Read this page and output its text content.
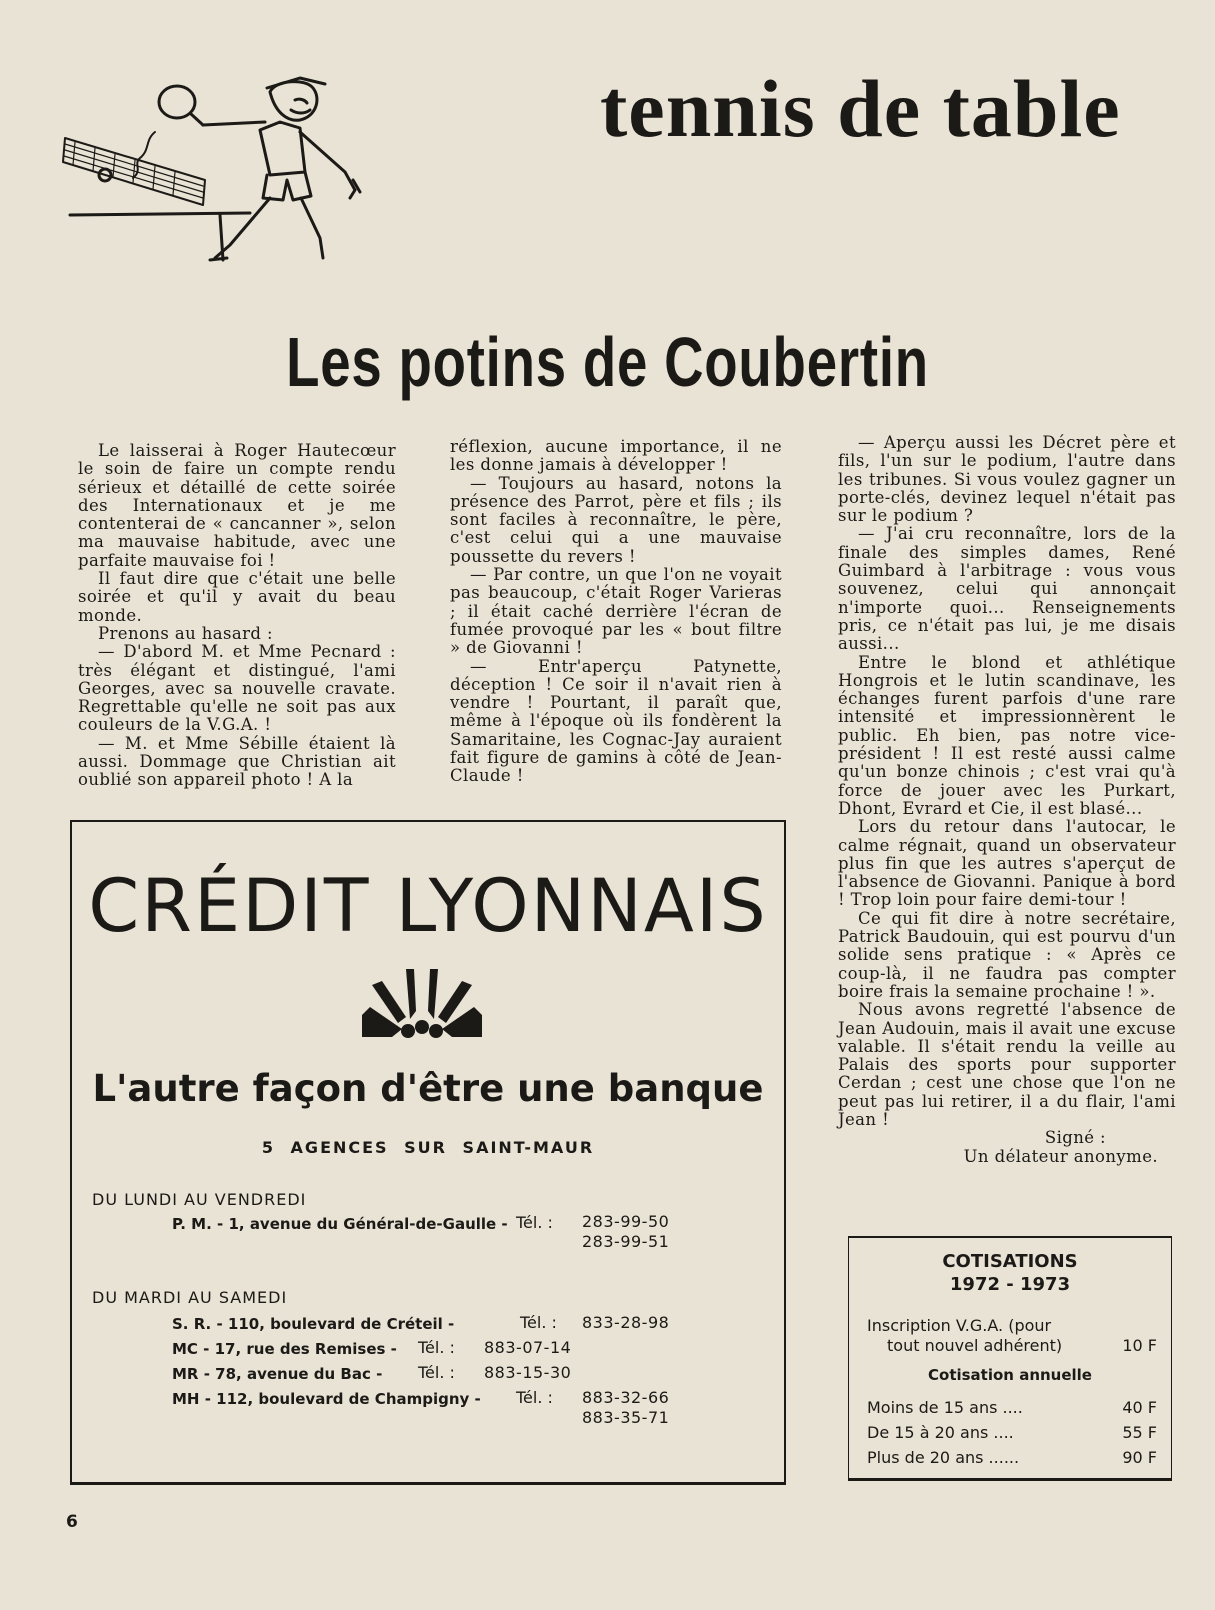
tennis de table
Les potins de Coubertin

Le laisserai à Roger Hautecœur le soin de faire un compte rendu sérieux et détaillé de cette soirée des Internationaux et je me contenterai de « cancanner », selon ma mauvaise habitude, avec une parfaite mauvaise foi !

Il faut dire que c'était une belle soirée et qu'il y avait du beau monde.

Prenons au hasard :

— D'abord M. et Mme Pecnard : très élégant et distingué, l'ami Georges, avec sa nouvelle cravate. Regrettable qu'elle ne soit pas aux couleurs de la V.G.A. !

— M. et Mme Sébille étaient là aussi. Dommage que Christian ait oublié son appareil photo ! A la

réflexion, aucune importance, il ne les donne jamais à développer !

— Toujours au hasard, notons la présence des Parrot, père et fils ; ils sont faciles à reconnaître, le père, c'est celui qui a une mauvaise poussette du revers !

— Par contre, un que l'on ne voyait pas beaucoup, c'était Roger Varieras ; il était caché derrière l'écran de fumée provoqué par les « bout filtre » de Giovanni !

— Entr'aperçu Patynette, déception ! Ce soir il n'avait rien à vendre ! Pourtant, il paraît que, même à l'époque où ils fondèrent la Samaritaine, les Cognac-Jay auraient fait figure de gamins à côté de Jean-Claude !

— Aperçu aussi les Décret père et fils, l'un sur le podium, l'autre dans les tribunes. Si vous voulez gagner un porte-clés, devinez lequel n'était pas sur le podium ?

— J'ai cru reconnaître, lors de la finale des simples dames, René Guimbard à l'arbitrage : vous vous souvenez, celui qui annonçait n'importe quoi... Renseignements pris, ce n'était pas lui, je me disais aussi...

Entre le blond et athlétique Hongrois et le lutin scandinave, les échanges furent parfois d'une rare intensité et impressionnèrent le public. Eh bien, pas notre vice-président ! Il est resté aussi calme qu'un bonze chinois ; c'est vrai qu'à force de jouer avec les Purkart, Dhont, Evrard et Cie, il est blasé...

Lors du retour dans l'autocar, le calme régnait, quand un observateur plus fin que les autres s'aperçut de l'absence de Giovanni. Panique à bord ! Trop loin pour faire demi-tour !

Ce qui fit dire à notre secrétaire, Patrick Baudouin, qui est pourvu d'un solide sens pratique : « Après ce coup-là, il ne faudra pas compter boire frais la semaine prochaine ! ».

Nous avons regretté l'absence de Jean Audouin, mais il avait une excuse valable. Il s'était rendu la veille au Palais des sports pour supporter Cerdan ; cest une chose que l'on ne peut pas lui retirer, il a du flair, l'ami Jean !

Signé :

Un délateur anonyme.

CRÉDIT LYONNAIS
L'autre façon d'être une banque
5 AGENCES SUR SAINT-MAUR
DU LUNDI AU VENDREDI
P. M. - 1, avenue du Général-de-Gaulle - Tél. : 283-99-50
283-99-51
DU MARDI AU SAMEDI
S. R. - 110, boulevard de Créteil -	Tél. : 833-28-98
MC - 17, rue des Remises - Tél. : 883-07-14
MR - 78, avenue du Bac - Tél. : 883-15-30
MH - 112, boulevard de Champigny - Tél. : 883-32-66
883-35-71
COTISATIONS
1972 - 1973
Inscription V.G.A. (pour
tout nouvel adhérent)	10 F
Cotisation annuelle
Moins de 15 ans ....	40 F
De 15 à 20 ans ....	55 F
Plus de 20 ans ......	90 F
6
